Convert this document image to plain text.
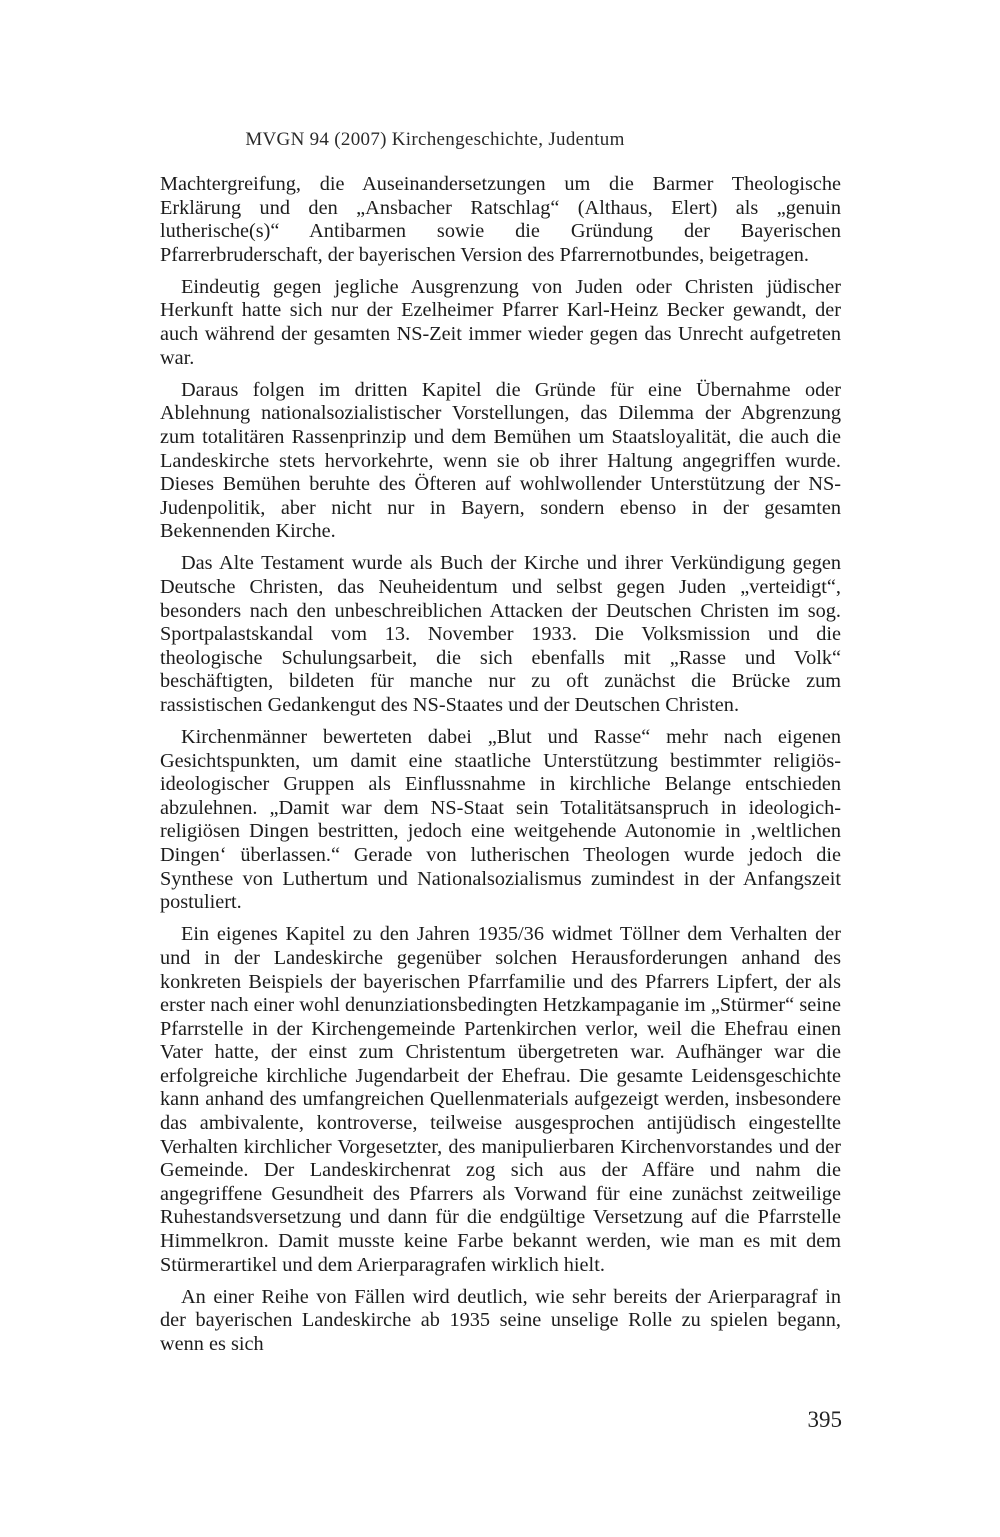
MVGN 94 (2007) Kirchengeschichte, Judentum

Machtergreifung, die Auseinandersetzungen um die Barmer Theologische Erklärung und den „Ansbacher Ratschlag“ (Althaus, Elert) als „genuin lutherische(s)“ Antibarmen sowie die Gründung der Bayerischen Pfarrerbruderschaft, der bayerischen Version des Pfarrernotbundes, beigetragen.

Eindeutig gegen jegliche Ausgrenzung von Juden oder Christen jüdischer Herkunft hatte sich nur der Ezelheimer Pfarrer Karl-Heinz Becker gewandt, der auch während der gesamten NS-Zeit immer wieder gegen das Unrecht aufgetreten war.

Daraus folgen im dritten Kapitel die Gründe für eine Übernahme oder Ablehnung nationalsozialistischer Vorstellungen, das Dilemma der Abgrenzung zum totalitären Rassenprinzip und dem Bemühen um Staatsloyalität, die auch die Landeskirche stets hervorkehrte, wenn sie ob ihrer Haltung angegriffen wurde. Dieses Bemühen beruhte des Öfteren auf wohlwollender Unterstützung der NS-Judenpolitik, aber nicht nur in Bayern, sondern ebenso in der gesamten Bekennenden Kirche.

Das Alte Testament wurde als Buch der Kirche und ihrer Verkündigung gegen Deutsche Christen, das Neuheidentum und selbst gegen Juden „verteidigt“, besonders nach den unbeschreiblichen Attacken der Deutschen Christen im sog. Sportpalastskandal vom 13. November 1933. Die Volksmission und die theologische Schulungsarbeit, die sich ebenfalls mit „Rasse und Volk“ beschäftigten, bildeten für manche nur zu oft zunächst die Brücke zum rassistischen Gedankengut des NS-Staates und der Deutschen Christen.

Kirchenmänner bewerteten dabei „Blut und Rasse“ mehr nach eigenen Gesichtspunkten, um damit eine staatliche Unterstützung bestimmter religiös-ideologischer Gruppen als Einflussnahme in kirchliche Belange entschieden abzulehnen. „Damit war dem NS-Staat sein Totalitätsanspruch in ideologich-religiösen Dingen bestritten, jedoch eine weitgehende Autonomie in ‚weltlichen Dingen‘ überlassen.“ Gerade von lutherischen Theologen wurde jedoch die Synthese von Luthertum und Nationalsozialismus zumindest in der Anfangszeit postuliert.

Ein eigenes Kapitel zu den Jahren 1935/36 widmet Töllner dem Verhalten der und in der Landeskirche gegenüber solchen Herausforderungen anhand des konkreten Beispiels der bayerischen Pfarrfamilie und des Pfarrers Lipfert, der als erster nach einer wohl denunziationsbedingten Hetzkampaganie im „Stürmer“ seine Pfarrstelle in der Kirchengemeinde Partenkirchen verlor, weil die Ehefrau einen Vater hatte, der einst zum Christentum übergetreten war. Aufhänger war die erfolgreiche kirchliche Jugendarbeit der Ehefrau. Die gesamte Leidensgeschichte kann anhand des umfangreichen Quellenmaterials aufgezeigt werden, insbesondere das ambivalente, kontroverse, teilweise ausgesprochen antijüdisch eingestellte Verhalten kirchlicher Vorgesetzter, des manipulierbaren Kirchenvorstandes und der Gemeinde. Der Landeskirchenrat zog sich aus der Affäre und nahm die angegriffene Gesundheit des Pfarrers als Vorwand für eine zunächst zeitweilige Ruhestandsversetzung und dann für die endgültige Versetzung auf die Pfarrstelle Himmelkron. Damit musste keine Farbe bekannt werden, wie man es mit dem Stürmerartikel und dem Arierparagrafen wirklich hielt.

An einer Reihe von Fällen wird deutlich, wie sehr bereits der Arierparagraf in der bayerischen Landeskirche ab 1935 seine unselige Rolle zu spielen begann, wenn es sich

395
